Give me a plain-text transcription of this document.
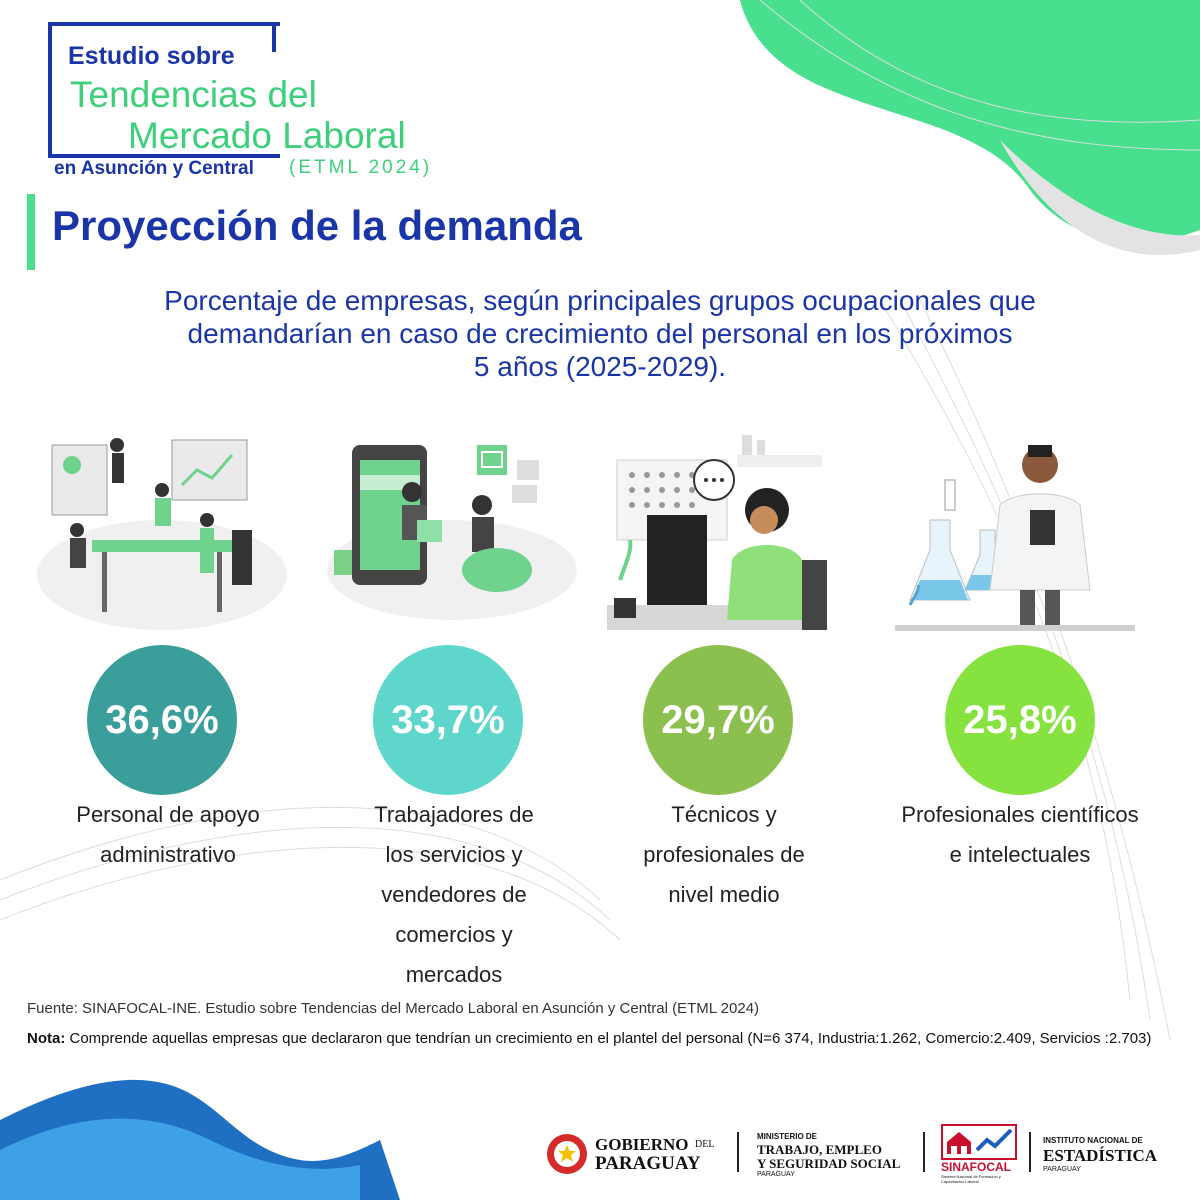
Estudio sobre
Tendencias del
Mercado Laboral
en Asunción y Central (ETML 2024)
Proyección de la demanda
Porcentaje de empresas, según principales grupos ocupacionales que
demandarían en caso de crecimiento del personal en los próximos
5 años (2025-2029).
36,6%	33,7%	29,7%	25,8%
Personal de apoyo
administrativo
Trabajadores de
los servicios y
vendedores de
comercios y
mercados
Técnicos y
profesionales de
nivel medio
Profesionales científicos
e intelectuales
Fuente: SINAFOCAL-INE. Estudio sobre Tendencias del Mercado Laboral en Asunción y Central (ETML 2024)
Nota: Comprende aquellas empresas que declararon que tendrían un crecimiento en el plantel del personal (N=6 374, Industria:1.262, Comercio:2.409, Servicios :2.703)
GOBIERNO DEL
PARAGUAY
MINISTERIO DE
TRABAJO, EMPLEO
Y SEGURIDAD SOCIAL
PARAGUAY
SINAFOCAL
Sistema Nacional de Formación y Capacitación Laboral
INSTITUTO NACIONAL DE
ESTADÍSTICA
PARAGUAY
